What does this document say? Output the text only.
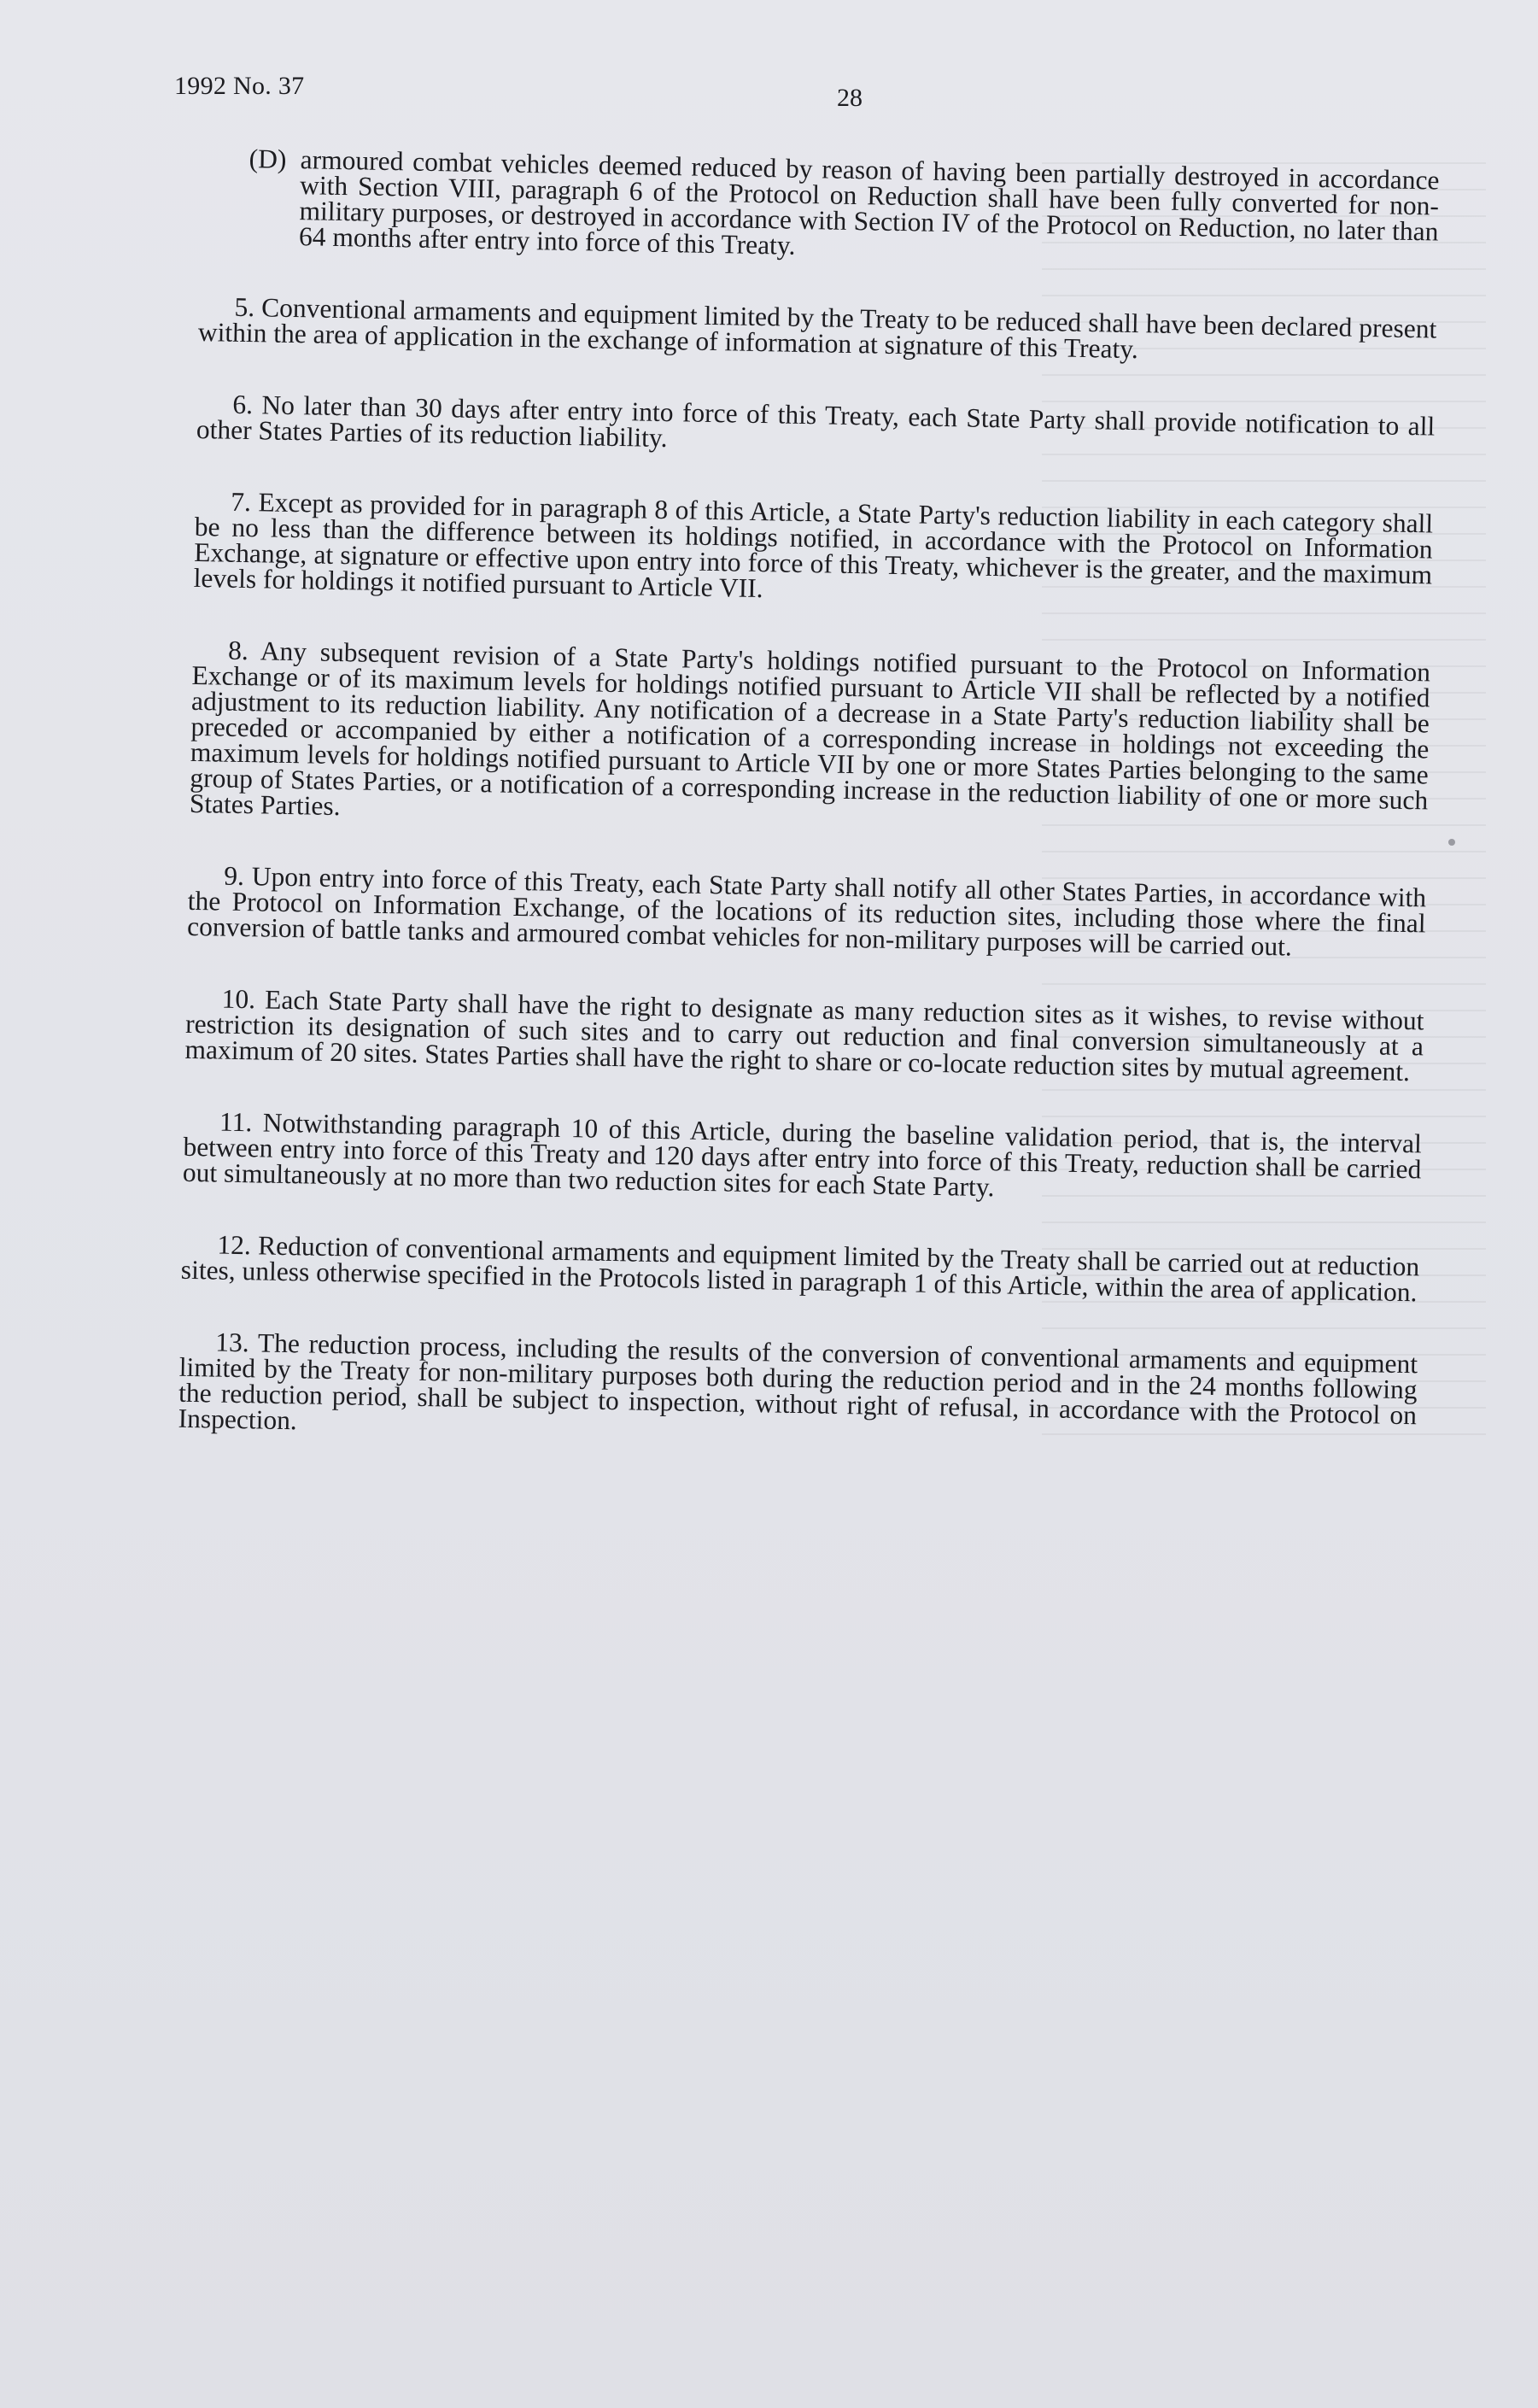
1992 No. 37	28
(D) armoured combat vehicles deemed reduced by reason of having been partially destroyed in accordance with Section VIII, paragraph 6 of the Protocol on Reduction shall have been fully converted for non-military purposes, or destroyed in accordance with Section IV of the Protocol on Reduction, no later than 64 months after entry into force of this Treaty.

5. Conventional armaments and equipment limited by the Treaty to be reduced shall have been declared present within the area of application in the exchange of information at signature of this Treaty.

6. No later than 30 days after entry into force of this Treaty, each State Party shall provide notification to all other States Parties of its reduction liability.

7. Except as provided for in paragraph 8 of this Article, a State Party's reduction liability in each category shall be no less than the difference between its holdings notified, in accordance with the Protocol on Information Exchange, at signature or effective upon entry into force of this Treaty, whichever is the greater, and the maximum levels for holdings it notified pursuant to Article VII.

8. Any subsequent revision of a State Party's holdings notified pursuant to the Protocol on Information Exchange or of its maximum levels for holdings notified pursuant to Article VII shall be reflected by a notified adjustment to its reduction liability. Any notification of a decrease in a State Party's reduction liability shall be preceded or accompanied by either a notification of a corresponding increase in holdings not exceeding the maximum levels for holdings notified pursuant to Article VII by one or more States Parties belonging to the same group of States Parties, or a notification of a corresponding increase in the reduction liability of one or more such States Parties.

9. Upon entry into force of this Treaty, each State Party shall notify all other States Parties, in accordance with the Protocol on Information Exchange, of the locations of its reduction sites, including those where the final conversion of battle tanks and armoured combat vehicles for non-military purposes will be carried out.

10. Each State Party shall have the right to designate as many reduction sites as it wishes, to revise without restriction its designation of such sites and to carry out reduction and final conversion simultaneously at a maximum of 20 sites. States Parties shall have the right to share or co-locate reduction sites by mutual agreement.

11. Notwithstanding paragraph 10 of this Article, during the baseline validation period, that is, the interval between entry into force of this Treaty and 120 days after entry into force of this Treaty, reduction shall be carried out simultaneously at no more than two reduction sites for each State Party.

12. Reduction of conventional armaments and equipment limited by the Treaty shall be carried out at reduction sites, unless otherwise specified in the Protocols listed in paragraph 1 of this Article, within the area of application.

13. The reduction process, including the results of the conversion of conventional armaments and equipment limited by the Treaty for non-military purposes both during the reduction period and in the 24 months following the reduction period, shall be subject to inspection, without right of refusal, in accordance with the Protocol on Inspection.
